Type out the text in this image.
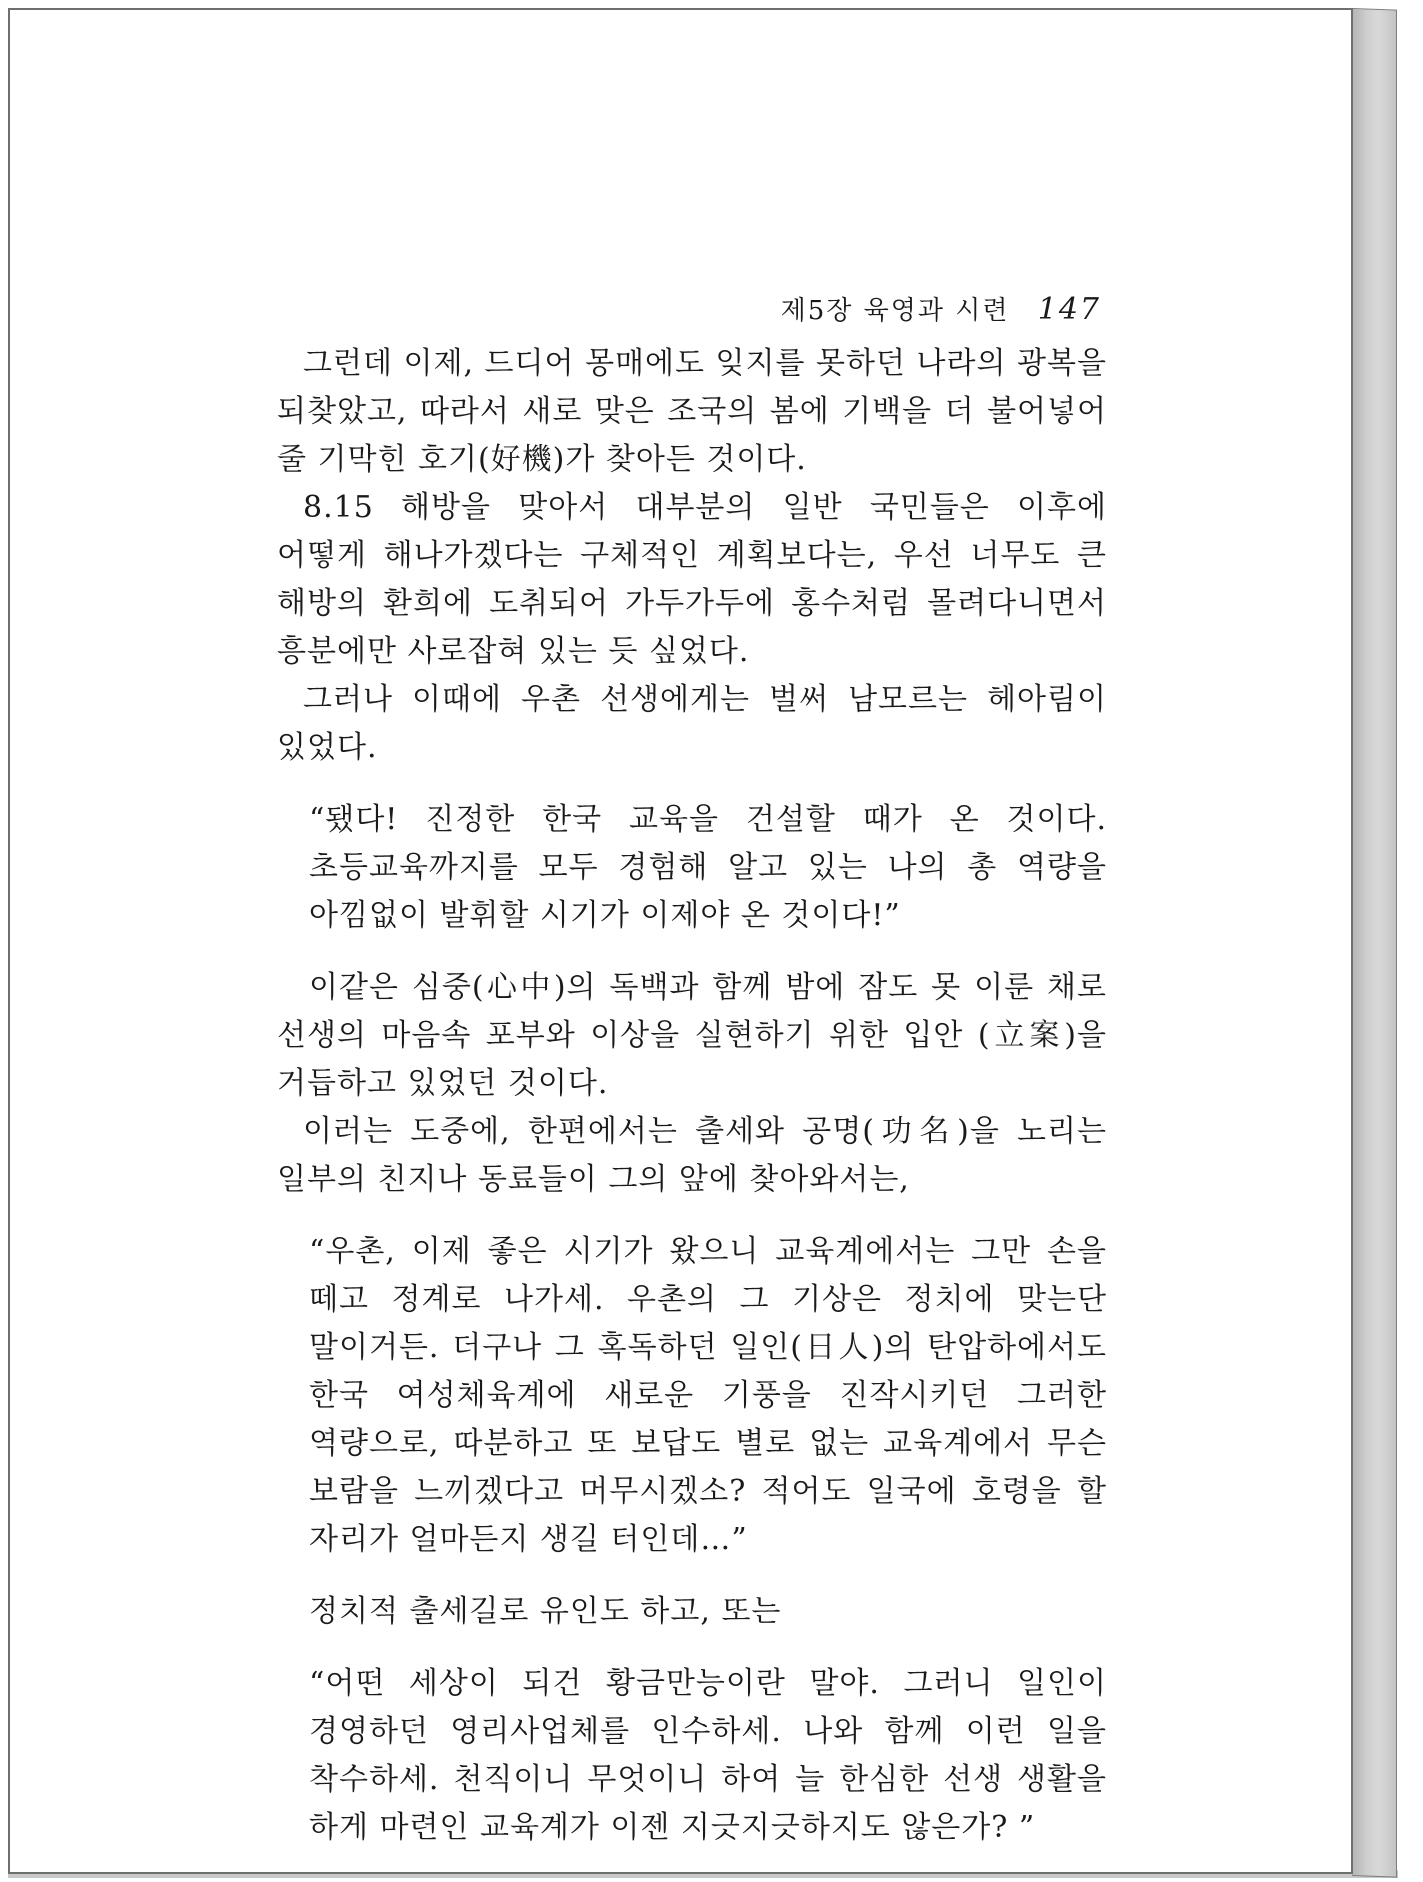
제5장 육영과 시련 147

그런데 이제, 드디어 몽매에도 잊지를 못하던 나라의 광복을 되찾았고, 따라서 새로 맞은 조국의 봄에 기백을 더 불어넣어 줄 기막힌 호기(好機)가 찾아든 것이다.

8.15 해방을 맞아서 대부분의 일반 국민들은 이후에 어떻게 해나가겠다는 구체적인 계획보다는, 우선 너무도 큰 해방의 환희에 도취되어 가두가두에 홍수처럼 몰려다니면서 흥분에만 사로잡혀 있는 듯 싶었다.

그러나 이때에 우촌 선생에게는 벌써 남모르는 헤아림이 있었다.

“됐다! 진정한 한국 교육을 건설할 때가 온 것이다. 초등교육까지를 모두 경험해 알고 있는 나의 총 역량을 아낌없이 발휘할 시기가 이제야 온 것이다!”

이같은 심중(心中)의 독백과 함께 밤에 잠도 못 이룬 채로 선생의 마음속 포부와 이상을 실현하기 위한 입안 (立案)을 거듭하고 있었던 것이다.

이러는 도중에, 한편에서는 출세와 공명(功名)을 노리는 일부의 친지나 동료들이 그의 앞에 찾아와서는,

“우촌, 이제 좋은 시기가 왔으니 교육계에서는 그만 손을 떼고 정계로 나가세. 우촌의 그 기상은 정치에 맞는단 말이거든. 더구나 그 혹독하던 일인(日人)의 탄압하에서도 한국 여성체육계에 새로운 기풍을 진작시키던 그러한 역량으로, 따분하고 또 보답도 별로 없는 교육계에서 무슨 보람을 느끼겠다고 머무시겠소? 적어도 일국에 호령을 할 자리가 얼마든지 생길 터인데…”

정치적 출세길로 유인도 하고, 또는

“어떤 세상이 되건 황금만능이란 말야. 그러니 일인이 경영하던 영리사업체를 인수하세. 나와 함께 이런 일을 착수하세. 천직이니 무엇이니 하여 늘 한심한 선생 생활을 하게 마련인 교육계가 이젠 지긋지긋하지도 않은가? ”
